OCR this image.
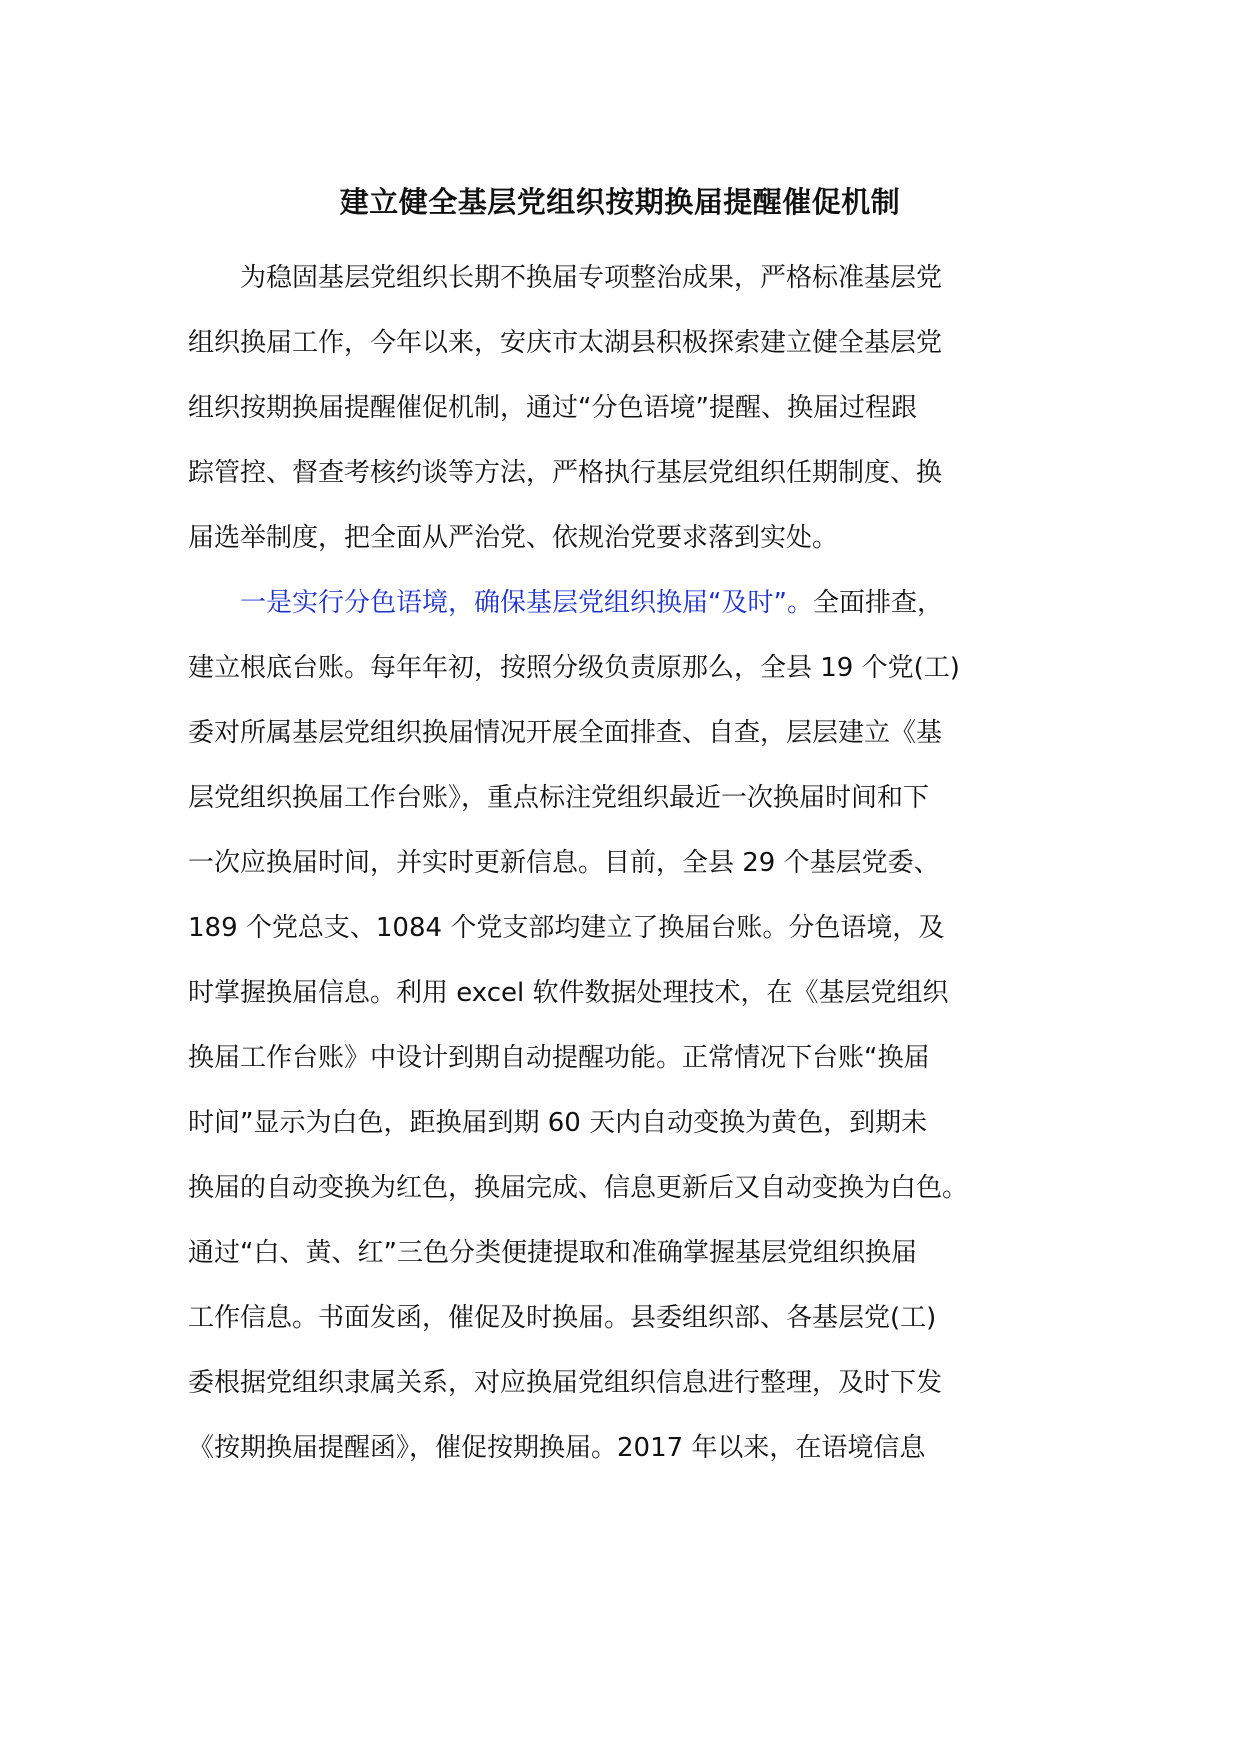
建立健全基层党组织按期换届提醒催促机制

为稳固基层党组织长期不换届专项整治成果，严格标准基层党
组织换届工作，今年以来，安庆市太湖县积极探索建立健全基层党
组织按期换届提醒催促机制，通过“分色语境”提醒、换届过程跟
踪管控、督查考核约谈等方法，严格执行基层党组织任期制度、换
届选举制度，把全面从严治党、依规治党要求落到实处。

一是实行分色语境，确保基层党组织换届“及时”。全面排查，
建立根底台账。每年年初，按照分级负责原那么，全县 19 个党(工)
委对所属基层党组织换届情况开展全面排查、自查，层层建立《基
层党组织换届工作台账》，重点标注党组织最近一次换届时间和下
一次应换届时间，并实时更新信息。目前，全县 29 个基层党委、
189 个党总支、1084 个党支部均建立了换届台账。分色语境，及
时掌握换届信息。利用 excel 软件数据处理技术，在《基层党组织
换届工作台账》中设计到期自动提醒功能。正常情况下台账“换届
时间”显示为白色，距换届到期 60 天内自动变换为黄色，到期未
换届的自动变换为红色，换届完成、信息更新后又自动变换为白色。
通过“白、黄、红”三色分类便捷提取和准确掌握基层党组织换届
工作信息。书面发函，催促及时换届。县委组织部、各基层党(工)
委根据党组织隶属关系，对应换届党组织信息进行整理，及时下发
《按期换届提醒函》，催促按期换届。2017 年以来，在语境信息
